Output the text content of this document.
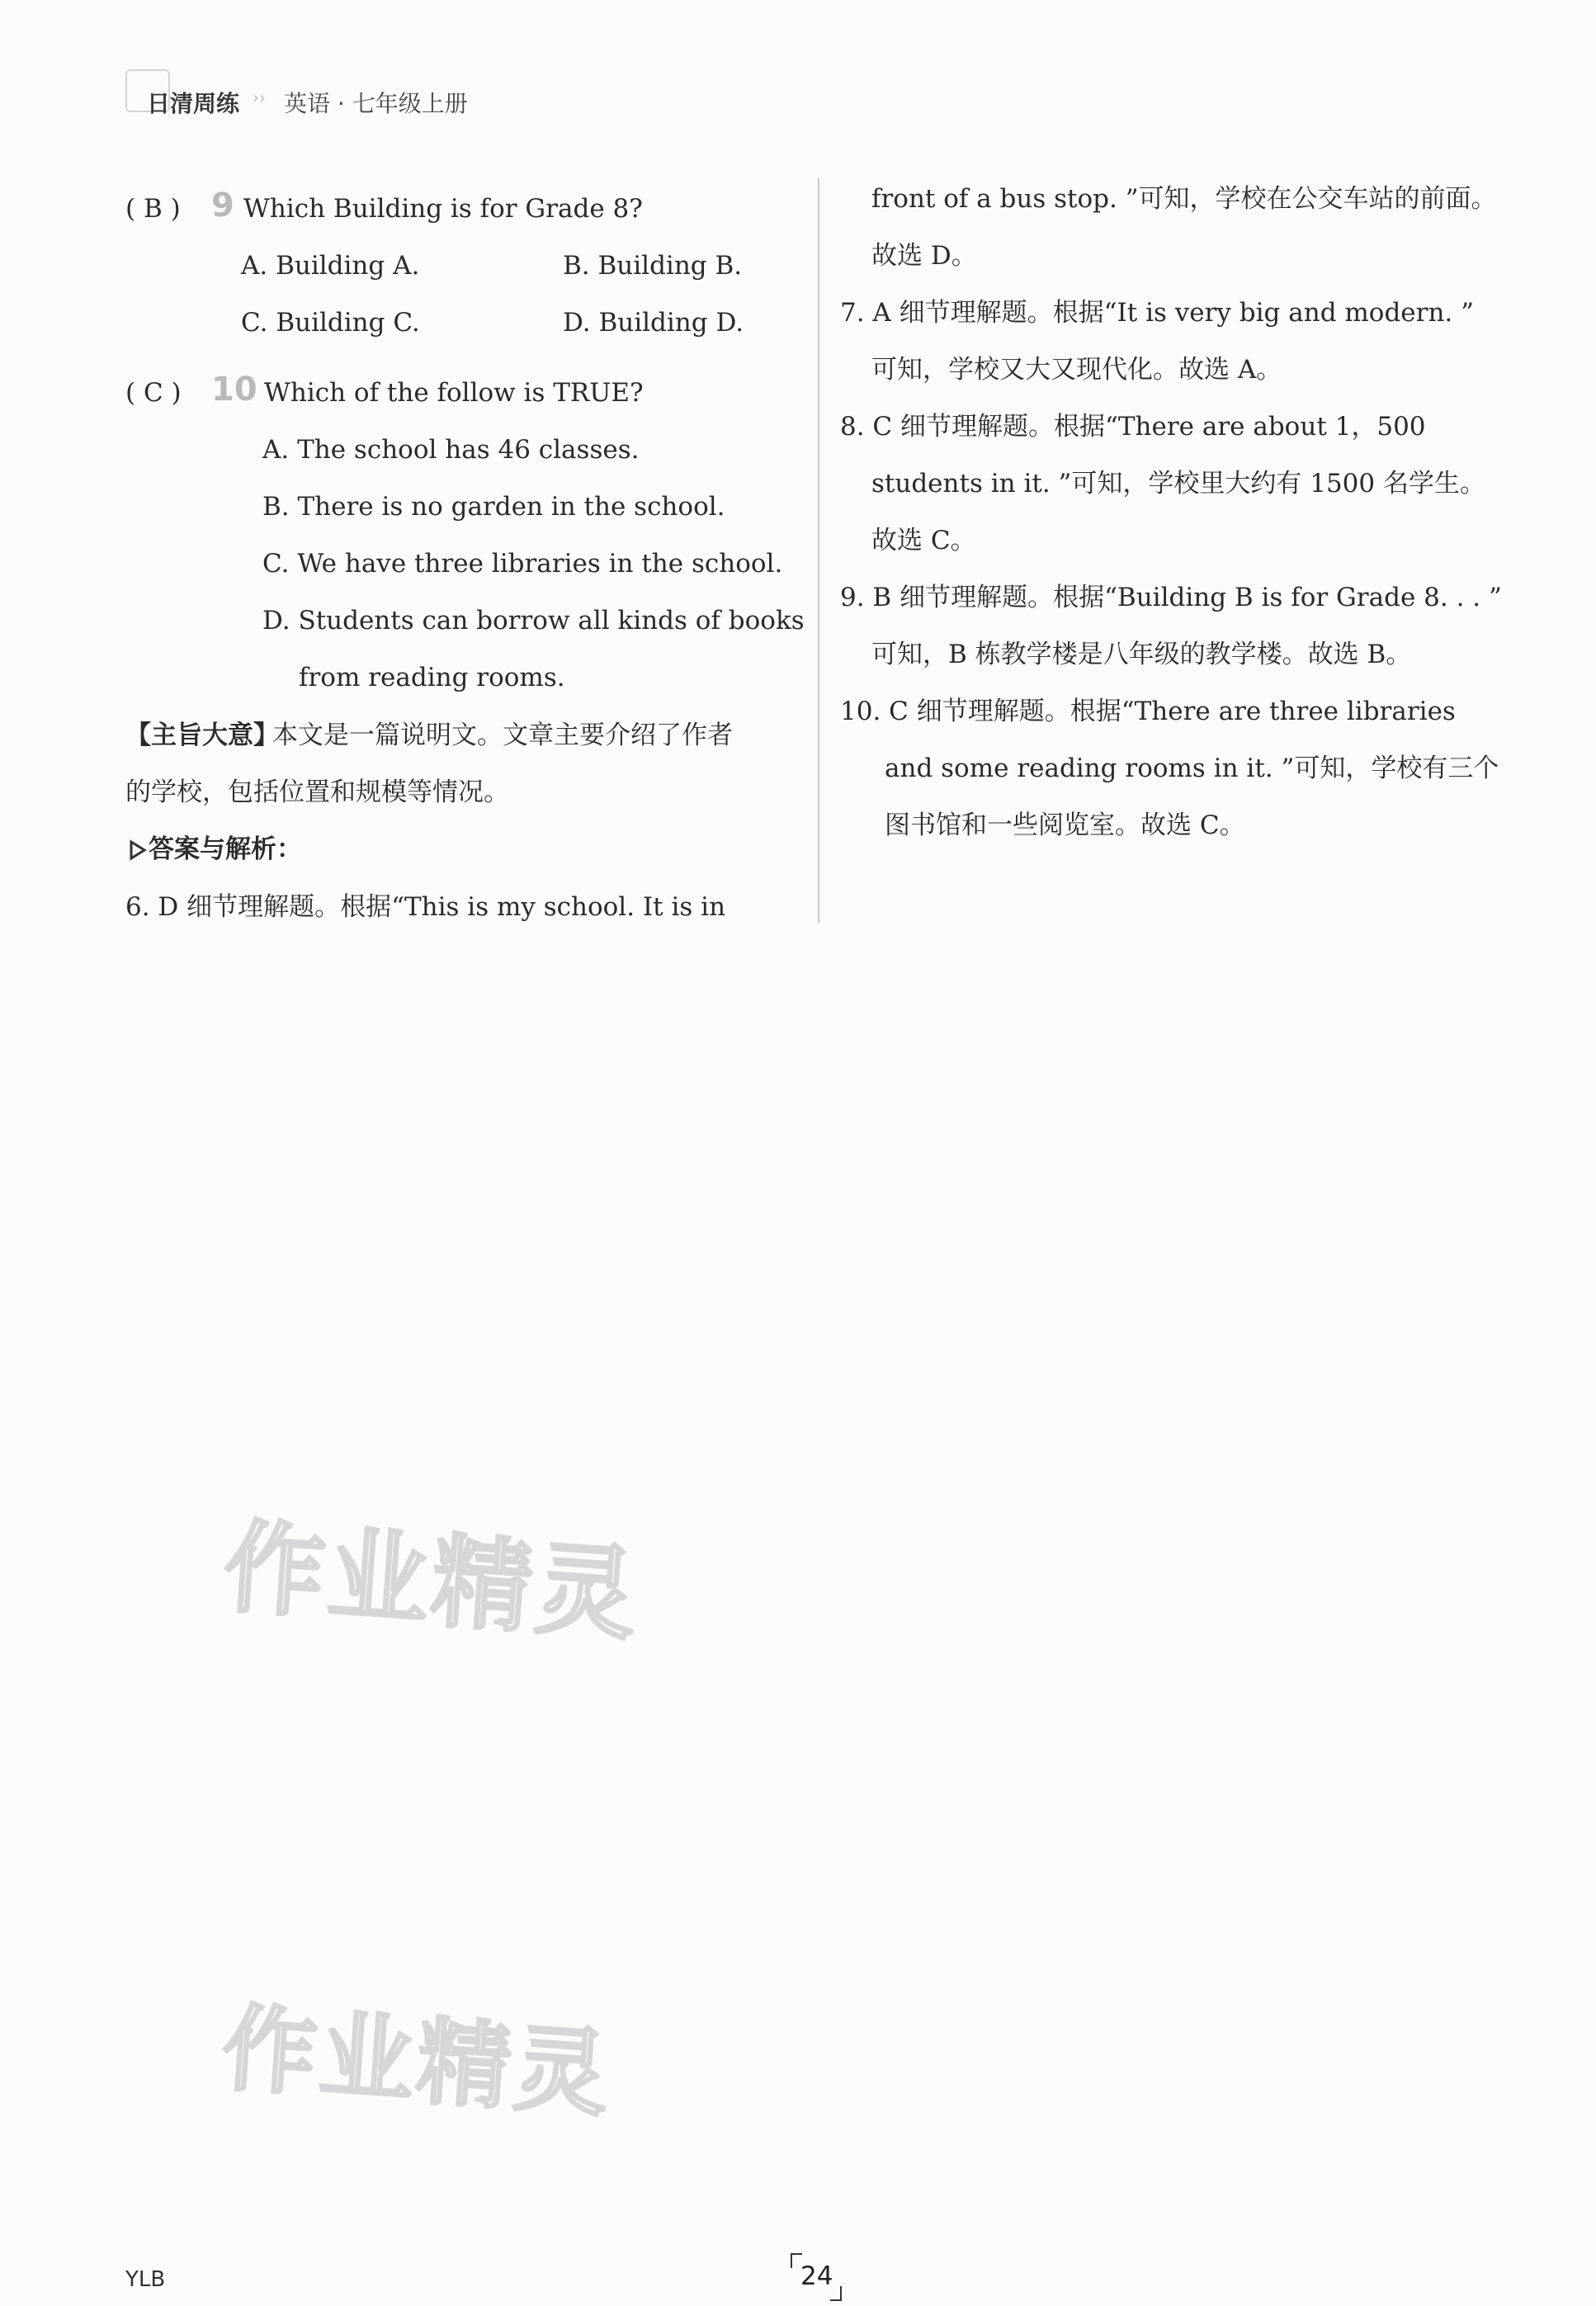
日清周练 ›› 英语 · 七年级上册
( B ) 9 Which Building is for Grade 8?
A. Building A.	B. Building B.
C. Building C.	D. Building D.
( C ) 10 Which of the follow is TRUE?
A. The school has 46 classes.
B. There is no garden in the school.
C. We have three libraries in the school.
D. Students can borrow all kinds of books
from reading rooms.
【主旨大意】
本文是一篇说明文。文章主要介绍了作者
的学校，包括位置和规模等情况。
答案与解析：
6. D 细节理解题。根据“This is my school. It is in
front of a bus stop. ”可知，学校在公交车站的前面。
故选 D。
7. A 细节理解题。根据“It is very big and modern. ”
可知，学校又大又现代化。故选 A。
8. C 细节理解题。根据“There are about 1，500
students in it. ”可知，学校里大约有 1500 名学生。
故选 C。
9. B 细节理解题。根据“Building B is for Grade 8. . . ”
可知，B 栋教学楼是八年级的教学楼。故选 B。
10. C 细节理解题。根据“There are three libraries
and some reading rooms in it. ”可知，学校有三个
图书馆和一些阅览室。故选 C。
作业精灵
作业精灵
YLB	24
